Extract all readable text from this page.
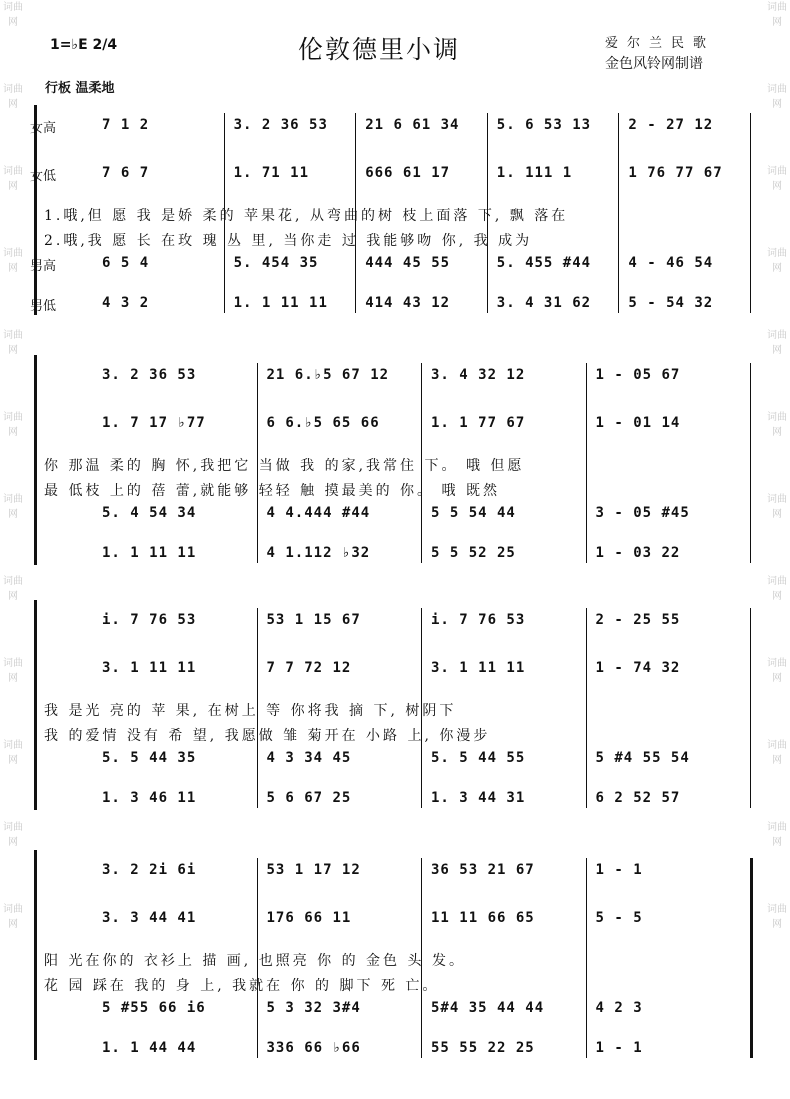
词曲网
词曲网
词曲网
词曲网
词曲网
词曲网
词曲网
词曲网
词曲网
词曲网
词曲网
词曲网
词曲网
词曲网
词曲网
词曲网
词曲网
词曲网
词曲网
词曲网
词曲网
词曲网
词曲网
词曲网
1=♭E 2/4	伦敦德里小调	爱尔兰民歌
金色风铃网制谱
行板 温柔地
女高	7 1 2	3. 2 36 53	21 6 61 34	5. 6 53 13	2 - 27 12
女低	7 6 7	1. 71 11	666 61 17	1. 111 1	1 76 77 67
男高	6 5 4	5. 454 35	444 45 55	5. 455 #44	4 - 46 54
男低	4 3 2	1. 1 11 11	414 43 12	3. 4 31 62	5 - 54 32
1.哦,但 愿 我 是娇 柔的 苹果花, 从弯曲的树 枝上面落 下, 飘 落在
2.哦,我 愿 长 在玫 瑰 丛 里, 当你走 过 我能够吻 你, 我 成为
3. 2 36 53	21 6.♭5 67 12	3. 4 32 12	1 - 05 67
1. 7 17 ♭77	6 6.♭5 65 66	1. 1 77 67	1 - 01 14
5. 4 54 34	4 4.444 #44	5 5 54 44	3 - 05 #45
1. 1 11 11	4 1.112 ♭32	5 5 52 25	1 - 03 22
你 那温 柔的 胸 怀,我把它 当做 我 的家,我常住 下。 哦 但愿
最 低枝 上的 蓓 蕾,就能够 轻轻 触 摸最美的 你。 哦 既然
i. 7 76 53	53 1 15 67	i. 7 76 53	2 - 25 55
3. 1 11 11	7 7 72 12	3. 1 11 11	1 - 74 32
5. 5 44 35	4 3 34 45	5. 5 44 55	5 #4 55 54
1. 3 46 11	5 6 67 25	1. 3 44 31	6 2 52 57
我 是光 亮的 苹 果, 在树上 等 你将我 摘 下, 树阴下
我 的爱情 没有 希 望, 我愿做 雏 菊开在 小路 上, 你漫步
3. 2 2i 6i	53 1 17 12	36 53 21 67	1 - 1
3. 3 44 41	176 66 11	11 11 66 65	5 - 5
5 #55 66 i6	5 3 32 3#4	5#4 35 44 44	4 2 3
1. 1 44 44	336 66 ♭66	55 55 22 25	1 - 1
阳 光在你的 衣衫上 描 画, 也照亮 你 的 金色 头 发。
花 园 踩在 我的 身 上, 我就在 你 的 脚下 死 亡。
